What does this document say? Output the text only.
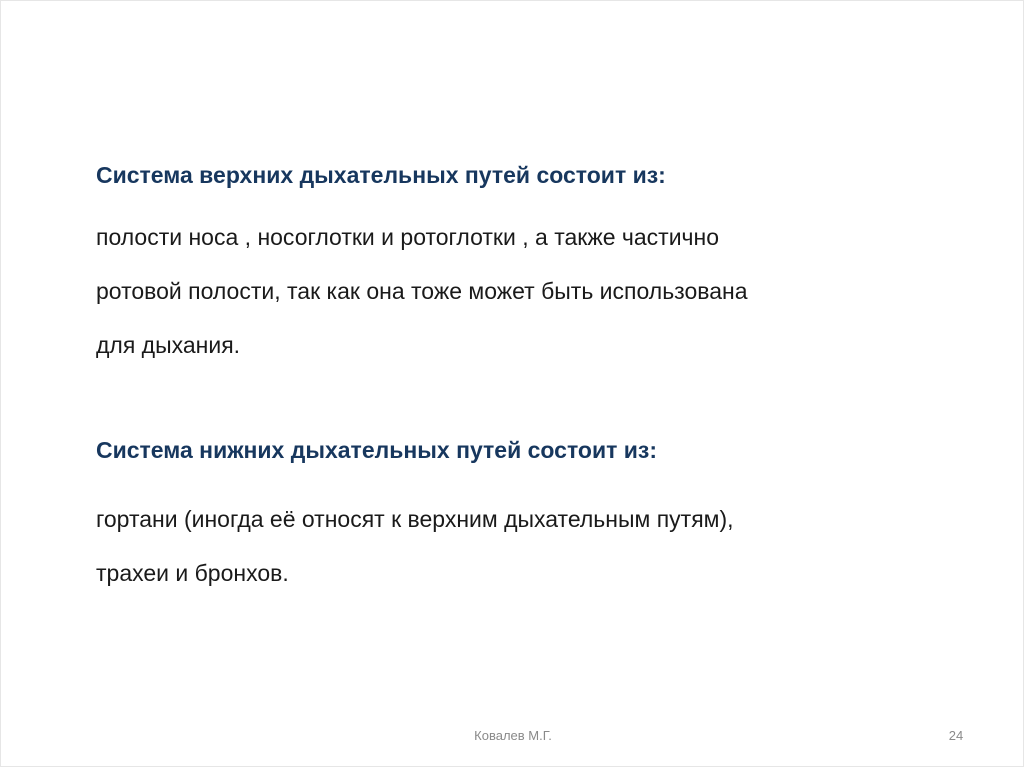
Система верхних дыхательных путей состоит из:

полости носа , носоглотки и ротоглотки , а также частично

ротовой полости, так как она тоже может быть использована

для дыхания.

Система нижних дыхательных путей состоит из:

гортани (иногда её относят к верхним дыхательным путям),

трахеи и бронхов.

Ковалев М.Г.	24
